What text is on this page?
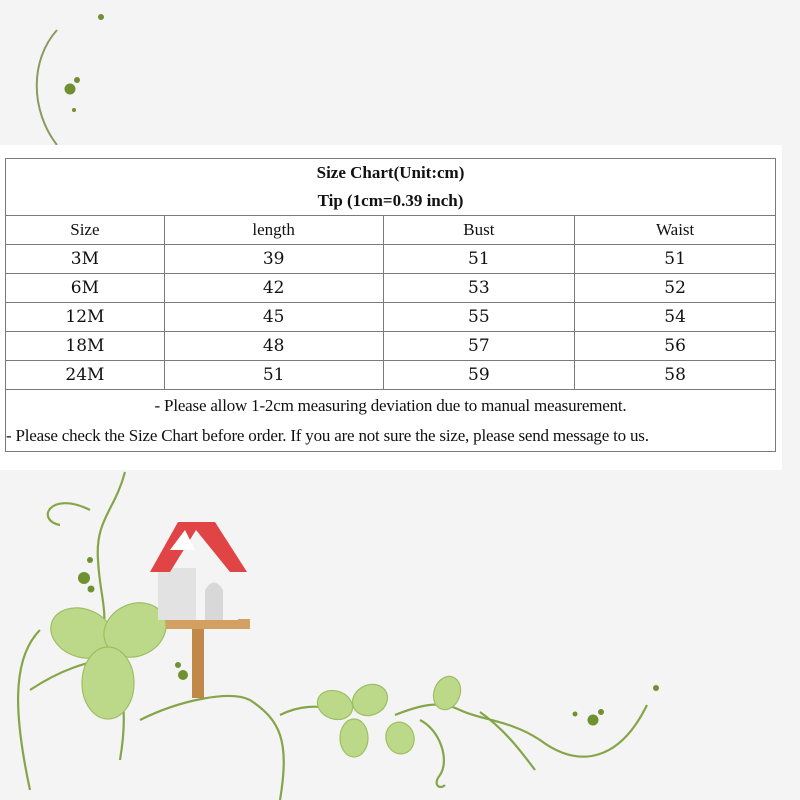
Size Chart(Unit:cm)
Tip (1cm=0.39 inch)			

Size	length	Bust	Waist
3M	39	51	51
6M	42	53	52
12M	45	55	54
18M	48	57	56
24M	51	59	58

- Please allow 1-2cm measuring deviation due to manual measurement.
- Please check the Size Chart before order. If you are not sure the size, please send message to us.			
